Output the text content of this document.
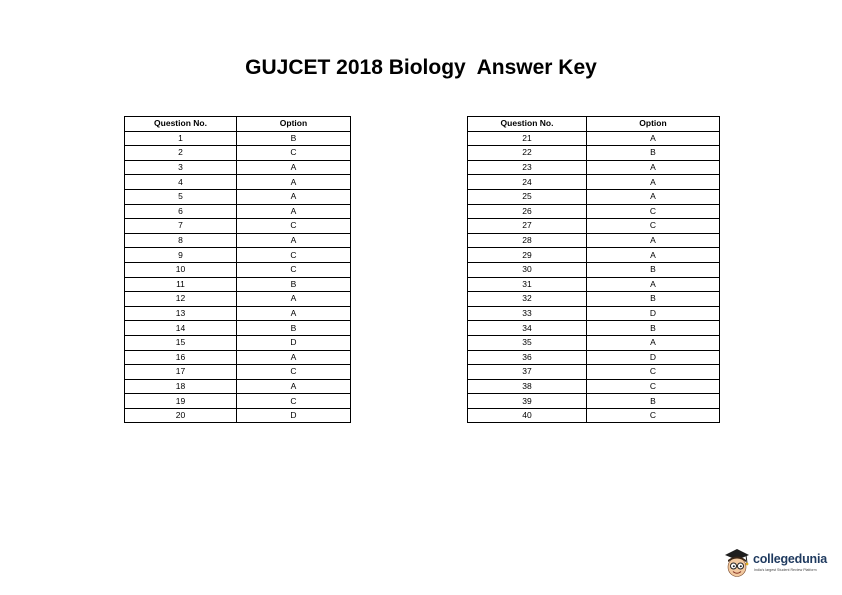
GUJCET 2018 Biology  Answer Key
Question No.	Option
1	B
2	C
3	A
4	A
5	A
6	A
7	C
8	A
9	C
10	C
11	B
12	A
13	A
14	B
15	D
16	A
17	C
18	A
19	C
20	D
Question No.	Option
21	A
22	B
23	A
24	A
25	A
26	C
27	C
28	A
29	A
30	B
31	A
32	B
33	D
34	B
35	A
36	D
37	C
38	C
39	B
40	C
collegedunia
India's largest Student Review Platform
